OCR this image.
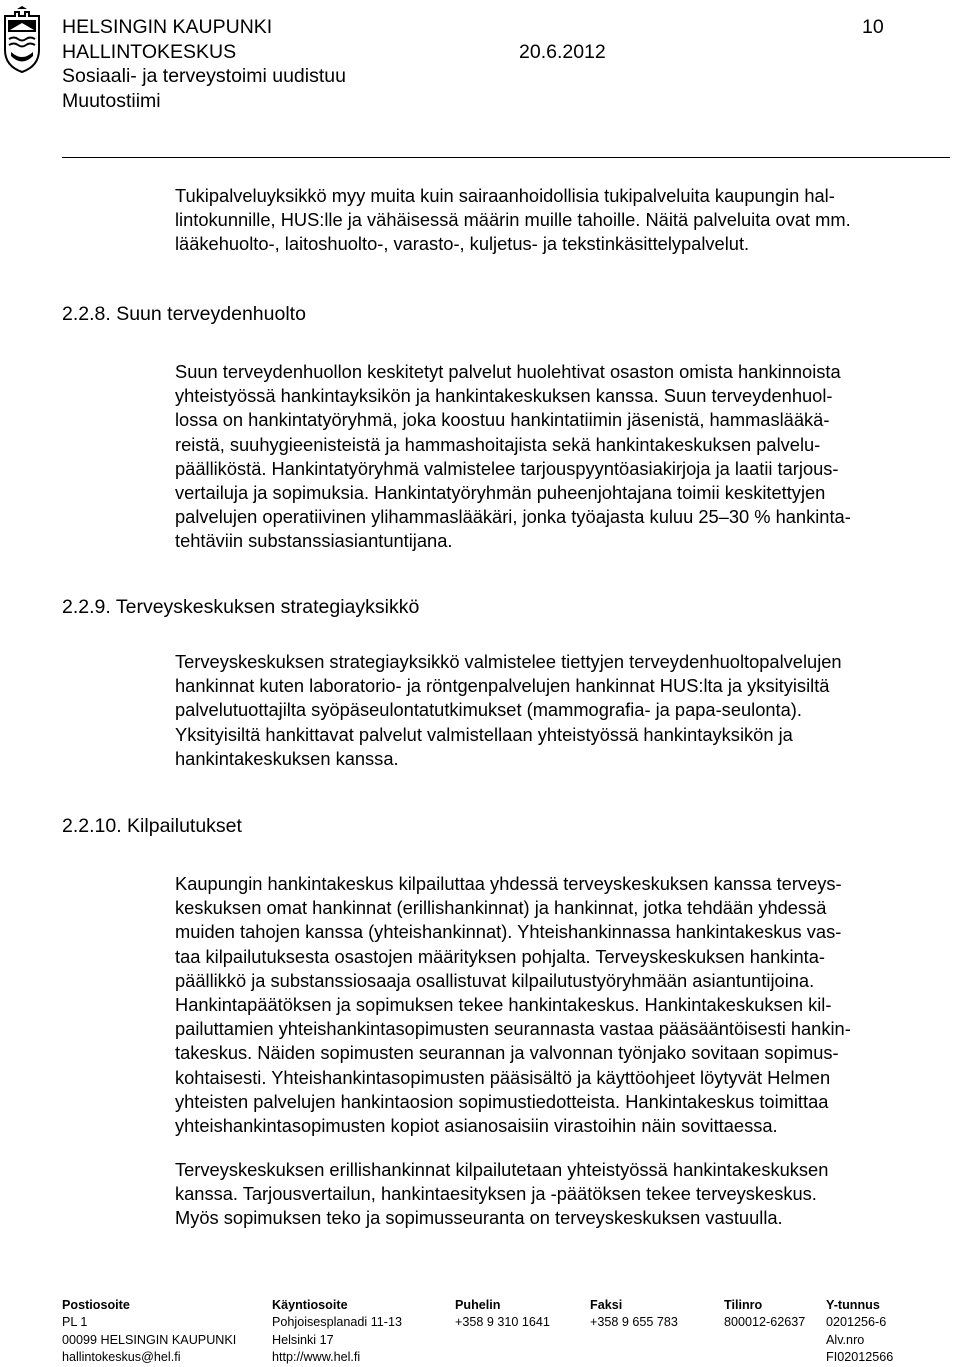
HELSINGIN KAUPUNKI	10
HALLINTOKESKUS	20.6.2012
Sosiaali- ja terveystoimi uudistuu
Muutostiimi

Tukipalveluyksikkö myy muita kuin sairaanhoidollisia tukipalveluita kaupungin hal-
lintokunnille, HUS:lle ja vähäisessä määrin muille tahoille. Näitä palveluita ovat mm.
lääkehuolto-, laitoshuolto-, varasto-, kuljetus- ja tekstinkäsittelypalvelut.

2.2.8. Suun terveydenhuolto

Suun terveydenhuollon keskitetyt palvelut huolehtivat osaston omista hankinnoista
yhteistyössä hankintayksikön ja hankintakeskuksen kanssa. Suun terveydenhuol-
lossa on hankintatyöryhmä, joka koostuu hankintatiimin jäsenistä, hammaslääkä-
reistä, suuhygieenisteistä ja hammashoitajista sekä hankintakeskuksen palvelu-
päälliköstä. Hankintatyöryhmä valmistelee tarjouspyyntöasiakirjoja ja laatii tarjous-
vertailuja ja sopimuksia. Hankintatyöryhmän puheenjohtajana toimii keskitettyjen
palvelujen operatiivinen ylihammaslääkäri, jonka työajasta kuluu 25–30 % hankinta-
tehtäviin substanssiasiantuntijana.

2.2.9. Terveyskeskuksen strategiayksikkö

Terveyskeskuksen strategiayksikkö valmistelee tiettyjen terveydenhuoltopalvelujen
hankinnat kuten laboratorio- ja röntgenpalvelujen hankinnat HUS:lta ja yksityisiltä
palvelutuottajilta syöpäseulontatutkimukset (mammografia- ja papa-seulonta).
Yksityisiltä hankittavat palvelut valmistellaan yhteistyössä hankintayksikön ja
hankintakeskuksen kanssa.

2.2.10. Kilpailutukset

Kaupungin hankintakeskus kilpailuttaa yhdessä terveyskeskuksen kanssa terveys-
keskuksen omat hankinnat (erillishankinnat) ja hankinnat, jotka tehdään yhdessä
muiden tahojen kanssa (yhteishankinnat). Yhteishankinnassa hankintakeskus vas-
taa kilpailutuksesta osastojen määrityksen pohjalta. Terveyskeskuksen hankinta-
päällikkö ja substanssiosaaja osallistuvat kilpailutustyöryhmään asiantuntijoina.
Hankintapäätöksen ja sopimuksen tekee hankintakeskus. Hankintakeskuksen kil-
pailuttamien yhteishankintasopimusten seurannasta vastaa pääsääntöisesti hankin-
takeskus. Näiden sopimusten seurannan ja valvonnan työnjako sovitaan sopimus-
kohtaisesti. Yhteishankintasopimusten pääsisältö ja käyttöohjeet löytyvät Helmen
yhteisten palvelujen hankintaosion sopimustiedotteista. Hankintakeskus toimittaa
yhteishankintasopimusten kopiot asianosaisiin virastoihin näin sovittaessa.

Terveyskeskuksen erillishankinnat kilpailutetaan yhteistyössä hankintakeskuksen
kanssa. Tarjousvertailun, hankintaesityksen ja -päätöksen tekee terveyskeskus.
Myös sopimuksen teko ja sopimusseuranta on terveyskeskuksen vastuulla.

Postiosoite
PL 1
00099 HELSINGIN KAUPUNKI
hallintokeskus@hel.fi
Käyntiosoite
Pohjoisesplanadi 11-13
Helsinki 17
http://www.hel.fi
Puhelin
+358 9 310 1641
Faksi
+358 9 655 783
Tilinro
800012-62637
Y-tunnus
0201256-6
Alv.nro
FI02012566
